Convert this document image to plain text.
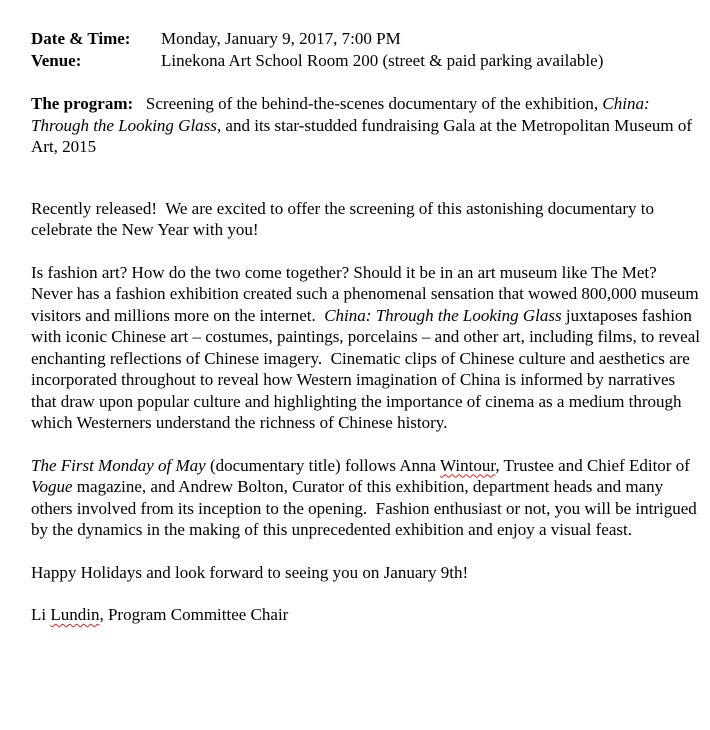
Date & Time:	Monday, January 9, 2017, 7:00 PM
Venue:	Linekona Art School Room 200 (street & paid parking available)

The program:   Screening of the behind-the-scenes documentary of the exhibition, China: Through the Looking Glass, and its star-studded fundraising Gala at the Metropolitan Museum of Art, 2015

Recently released!  We are excited to offer the screening of this astonishing documentary to celebrate the New Year with you!

Is fashion art? How do the two come together? Should it be in an art museum like The Met? Never has a fashion exhibition created such a phenomenal sensation that wowed 800,000 museum visitors and millions more on the internet.  China: Through the Looking Glass juxtaposes fashion with iconic Chinese art – costumes, paintings, porcelains – and other art, including films, to reveal enchanting reflections of Chinese imagery.  Cinematic clips of Chinese culture and aesthetics are incorporated throughout to reveal how Western imagination of China is informed by narratives that draw upon popular culture and highlighting the importance of cinema as a medium through which Westerners understand the richness of Chinese history.

The First Monday of May (documentary title) follows Anna Wintour, Trustee and Chief Editor of Vogue magazine, and Andrew Bolton, Curator of this exhibition, department heads and many others involved from its inception to the opening.  Fashion enthusiast or not, you will be intrigued by the dynamics in the making of this unprecedented exhibition and enjoy a visual feast.

Happy Holidays and look forward to seeing you on January 9th!

Li Lundin, Program Committee Chair
